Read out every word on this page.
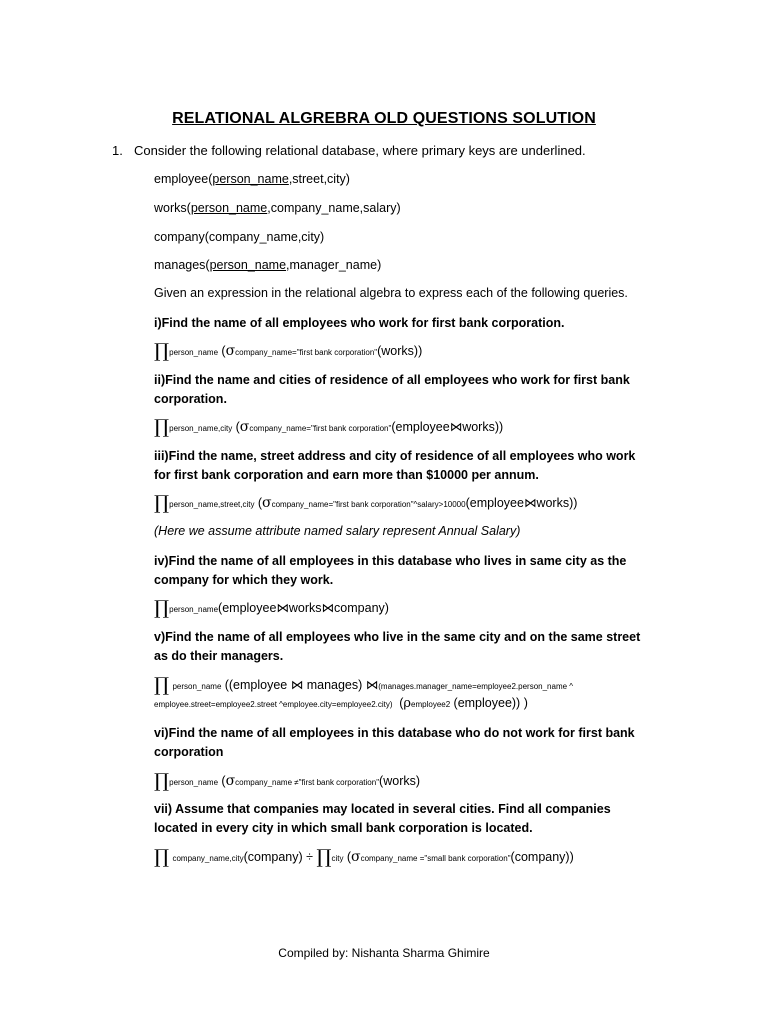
RELATIONAL ALGREBRA OLD QUESTIONS SOLUTION
1. Consider the following relational database, where primary keys are underlined.
employee(person_name,street,city)
works(person_name,company_name,salary)
company(company_name,city)
manages(person_name,manager_name)
Given an expression in the relational algebra to express each of the following queries.
i)Find the name of all employees who work for first bank corporation.
∏person_name (σcompany_name="first bank corporation"(works))
ii)Find the name and cities of residence of all employees who work for first bank corporation.
∏person_name,city (σcompany_name="first bank corporation"(employee⋈works))
iii)Find the name, street address and city of residence of all employees who work for first bank corporation and earn more than $10000 per annum.
∏person_name,street,city (σcompany_name="first bank corporation"^salary>10000(employee⋈works))
(Here we assume attribute named salary represent Annual Salary)
iv)Find the name of all employees in this database who lives in same city as the company for which they work.
∏person_name(employee⋈works⋈company)
v)Find the name of all employees who live in the same city and on the same street as do their managers.
∏ person_name ((employee ⋈ manages) ⋈(manages.manager_name=employee2.person_name ^
employee.street=employee2.street ^employee.city=employee2.city) (ρemployee2 (employee)) )
vi)Find the name of all employees in this database who do not work for first bank corporation
∏person_name (σcompany_name ≠"first bank corporation"(works)
vii) Assume that companies may located in several cities. Find all companies located in every city in which small bank corporation is located.
∏ company_name,city(company) ÷ ∏city (σcompany_name ="small bank corporation"(company))
Compiled by: Nishanta Sharma Ghimire
